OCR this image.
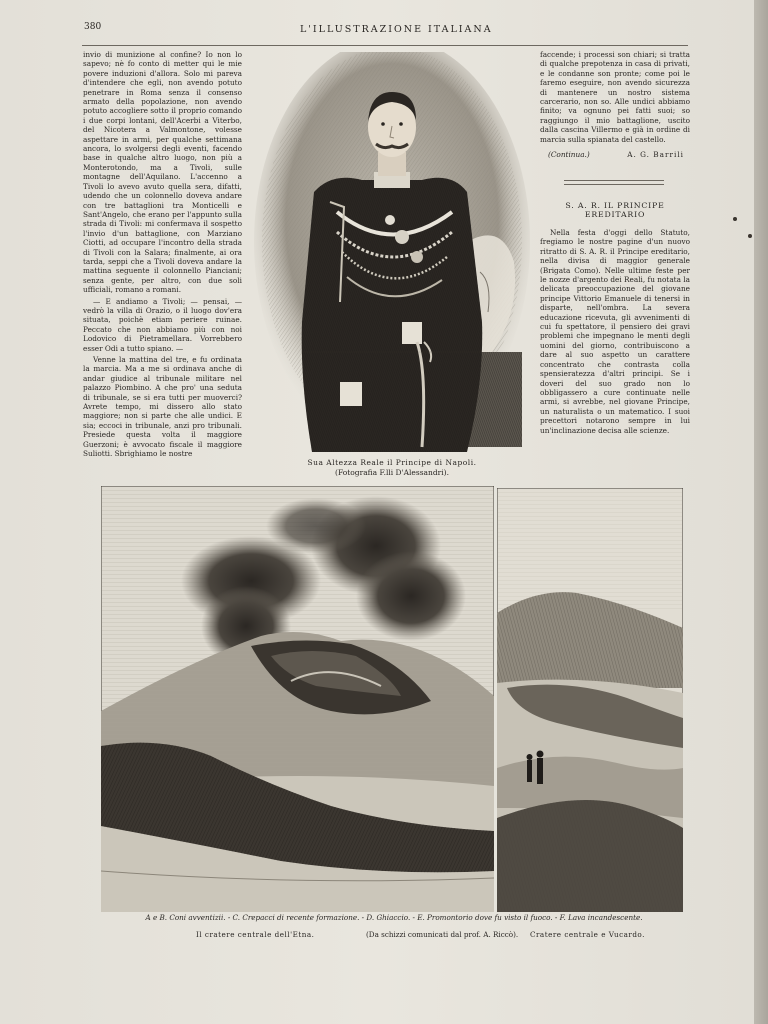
380	L'ILLUSTRAZIONE ITALIANA

invio di munizione al confine? Io non lo sapevo; nè fo conto di metter qui le mie povere induzioni d'allora. Solo mi pareva d'intendere che egli, non avendo potuto penetrare in Roma senza il consenso armato della popolazione, non avendo potuto accogliere sotto il proprio comando i due corpi lontani, dell'Acerbi a Viterbo, del Nicotera a Valmontone, volesse aspettare in armi, per qualche settimana ancora, lo svolgersi degli eventi, facendo base in qualche altro luogo, non più a Monterotondo, ma a Tivoli, sulle montagne dell'Aquilano. L'accenno a Tivoli lo avevo avuto quella sera, difatti, udendo che un colonnello doveva andare con tre battaglioni tra Monticelli e Sant'Angelo, che erano per l'appunto sulla strada di Tivoli: mi confermava il sospetto l'invio d'un battaglione, con Marziano Ciotti, ad occupare l'incontro della strada di Tivoli con la Salara; finalmente, ai ora tarda, seppi che a Tivoli doveva andare la mattina seguente il colonnello Pianciani; senza gente, per altro, con due soli ufficiali, romano a romani.

— E andiamo a Tivoli; — pensai, — vedrò la villa di Orazio, o il luogo dov'era situata, poichè etiam periere ruinae. Peccato che non abbiamo più con noi Lodovico di Pietramellara. Vorrebbero esser Odi a tutto spiano. —

Venne la mattina del tre, e fu ordinata la marcia. Ma a me si ordinava anche di andar giudice al tribunale militare nel palazzo Piombino. A che pro' una seduta di tribunale, se si era tutti per muoverci? Avrete tempo, mi dissero allo stato maggiore; non si parte che alle undici. E sia; eccoci in tribunale, anzi pro tribunali. Presiede questa volta il maggiore Guerzoni; è avvocato fiscale il maggiore Suliotti. Sbrighiamo le nostre

faccende; i processi son chiari; si tratta di qualche prepotenza in casa di privati, e le condanne son pronte; come poi le faremo eseguire, non avendo sicurezza di mantenere un nostro sistema carcerario, non so. Alle undici abbiamo finito; va ognuno pei fatti suoi; so raggiungo il mio battaglione, uscito dalla cascina Villermo e già in ordine di marcia sulla spianata del castello.

(Continua.)	A. G. Barrili
S. A. R. IL PRINCIPE EREDITARIO

Nella festa d'oggi dello Statuto, fregiamo le nostre pagine d'un nuovo ritratto di S. A. R. il Principe ereditario, nella divisa di maggior generale (Brigata Como). Nelle ultime feste per le nozze d'argento dei Reali, fu notata la delicata preoccupazione del giovane principe Vittorio Emanuele di tenersi in disparte, nell'ombra. La severa educazione ricevuta, gli avvenimenti di cui fu spettatore, il pensiero dei gravi problemi che impegnano le menti degli uomini del giorno, contribuiscono a dare al suo aspetto un carattere concentrato che contrasta colla spensieratezza d'altri principi. Se i doveri del suo grado non lo obbligassero a cure continuate nelle armi, si avrebbe, nel giovane Principe, un naturalista o un matematico. I suoi precettori notarono sempre in lui un'inclinazione decisa alle scienze.

Sua Altezza Reale il Principe di Napoli.
(Fotografia F.lli D'Alessandri).
A e B. Coni avventizii. - C. Crepacci di recente formazione. - D. Ghiaccio. - E. Promontorio dove fu visto il fuoco. - F. Lava incandescente.
Il cratere centrale dell'Etna.	(Da schizzi comunicati dal prof. A. Riccò). Cratere centrale e Vucardo.
